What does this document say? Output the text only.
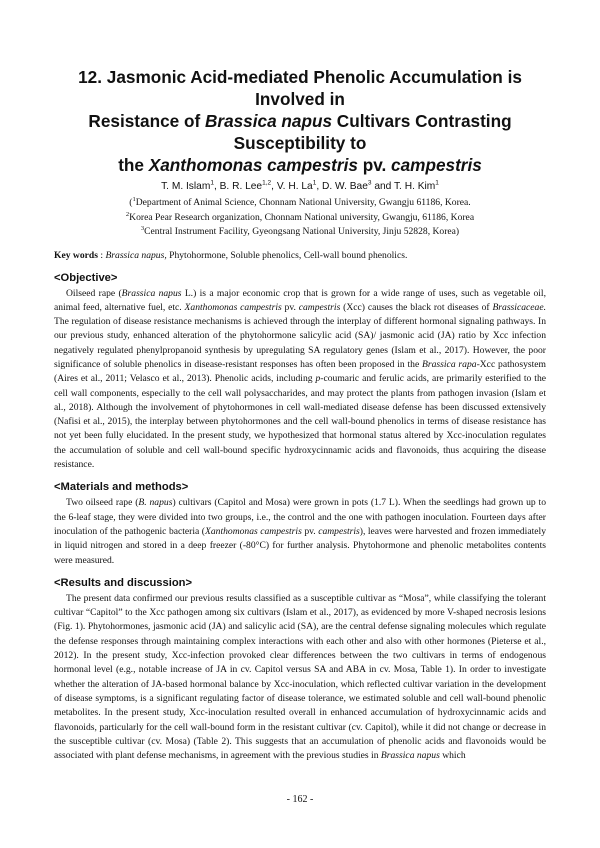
12. Jasmonic Acid-mediated Phenolic Accumulation is Involved in
Resistance of Brassica napus Cultivars Contrasting Susceptibility to
the Xanthomonas campestris pv. campestris
T. M. Islam$^1$, B. R. Lee$^{1,2}$, V. H. La$^1$, D. W. Bae$^3$ and T. H. Kim$^1$
($^1$Department of Animal Science, Chonnam National University, Gwangju 61186, Korea.
$^2$Korea Pear Research organization, Chonnam National university, Gwangju, 61186, Korea
$^3$Central Instrument Facility, Gyeongsang National University, Jinju 52828, Korea)
Key words : Brassica napus, Phytohormone, Soluble phenolics, Cell-wall bound phenolics.
<Objective>

Oilseed rape (Brassica napus L.) is a major economic crop that is grown for a wide range of uses, such as vegetable oil, animal feed, alternative fuel, etc. Xanthomonas campestris pv. campestris (Xcc) causes the black rot diseases of Brassicaceae. The regulation of disease resistance mechanisms is achieved through the interplay of different hormonal signaling pathways. In our previous study, enhanced alteration of the phytohormone salicylic acid (SA)/ jasmonic acid (JA) ratio by Xcc infection negatively regulated phenylpropanoid synthesis by upregulating SA regulatory genes (Islam et al., 2017). However, the poor significance of soluble phenolics in disease-resistant responses has often been proposed in the Brassica rapa-Xcc pathosystem (Aires et al., 2011; Velasco et al., 2013). Phenolic acids, including p-coumaric and ferulic acids, are primarily esterified to the cell wall components, especially to the cell wall polysaccharides, and may protect the plants from pathogen invasion (Islam et al., 2018). Although the involvement of phytohormones in cell wall-mediated disease defense has been discussed extensively (Nafisi et al., 2015), the interplay between phytohormones and the cell wall-bound phenolics in terms of disease resistance has not yet been fully elucidated. In the present study, we hypothesized that hormonal status altered by Xcc-inoculation regulates the accumulation of soluble and cell wall-bound specific hydroxycinnamic acids and flavonoids, thus acquiring the disease resistance.

<Materials and methods>

Two oilseed rape (B. napus) cultivars (Capitol and Mosa) were grown in pots (1.7 L). When the seedlings had grown up to the 6-leaf stage, they were divided into two groups, i.e., the control and the one with pathogen inoculation. Fourteen days after inoculation of the pathogenic bacteria (Xanthomonas campestris pv. campestris), leaves were harvested and frozen immediately in liquid nitrogen and stored in a deep freezer (-80°C) for further analysis. Phytohormone and phenolic metabolites contents were measured.

<Results and discussion>

The present data confirmed our previous results classified as a susceptible cultivar as “Mosa”, while classifying the tolerant cultivar “Capitol” to the Xcc pathogen among six cultivars (Islam et al., 2017), as evidenced by more V-shaped necrosis lesions (Fig. 1). Phytohormones, jasmonic acid (JA) and salicylic acid (SA), are the central defense signaling molecules which regulate the defense responses through maintaining complex interactions with each other and also with other hormones (Pieterse et al., 2012). In the present study, Xcc-infection provoked clear differences between the two cultivars in terms of endogenous hormonal level (e.g., notable increase of JA in cv. Capitol versus SA and ABA in cv. Mosa, Table 1). In order to investigate whether the alteration of JA-based hormonal balance by Xcc-inoculation, which reflected cultivar variation in the development of disease symptoms, is a significant regulating factor of disease tolerance, we estimated soluble and cell wall-bound phenolic metabolites. In the present study, Xcc-inoculation resulted overall in enhanced accumulation of hydroxycinnamic acids and flavonoids, particularly for the cell wall-bound form in the resistant cultivar (cv. Capitol), while it did not change or decrease in the susceptible cultivar (cv. Mosa) (Table 2). This suggests that an accumulation of phenolic acids and flavonoids would be associated with plant defense mechanisms, in agreement with the previous studies in Brassica napus which

- 162 -
